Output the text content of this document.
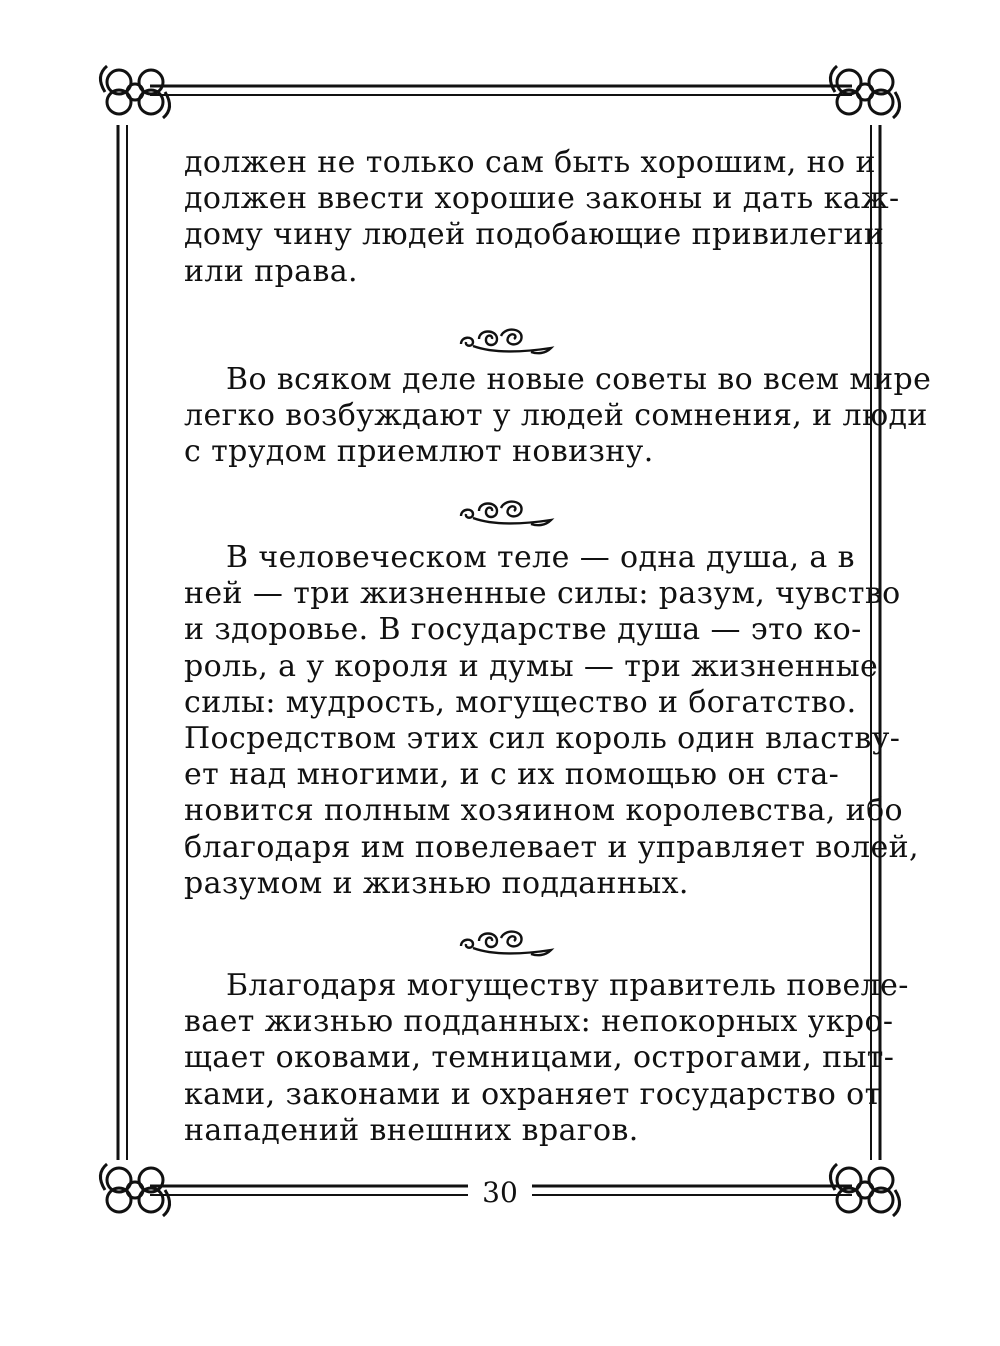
должен не только сам быть хорошим, но и
должен ввести хорошие законы и дать каж-
дому чину людей подобающие привилегии
или права.
Во всяком деле новые советы во всем мире
легко возбуждают у людей сомнения, и люди
с трудом приемлют новизну.
В человеческом теле — одна душа, а в
ней — три жизненные силы: разум, чувство
и здоровье. В государстве душа — это ко-
роль, а у короля и думы — три жизненные
силы: мудрость, могущество и богатство.
Посредством этих сил король один властву-
ет над многими, и с их помощью он ста-
новится полным хозяином королевства, ибо
благодаря им повелевает и управляет волей,
разумом и жизнью подданных.
Благодаря могуществу правитель повеле-
вает жизнью подданных: непокорных укро-
щает оковами, темницами, острогами, пыт-
ками, законами и охраняет государство от
нападений внешних врагов.
30
